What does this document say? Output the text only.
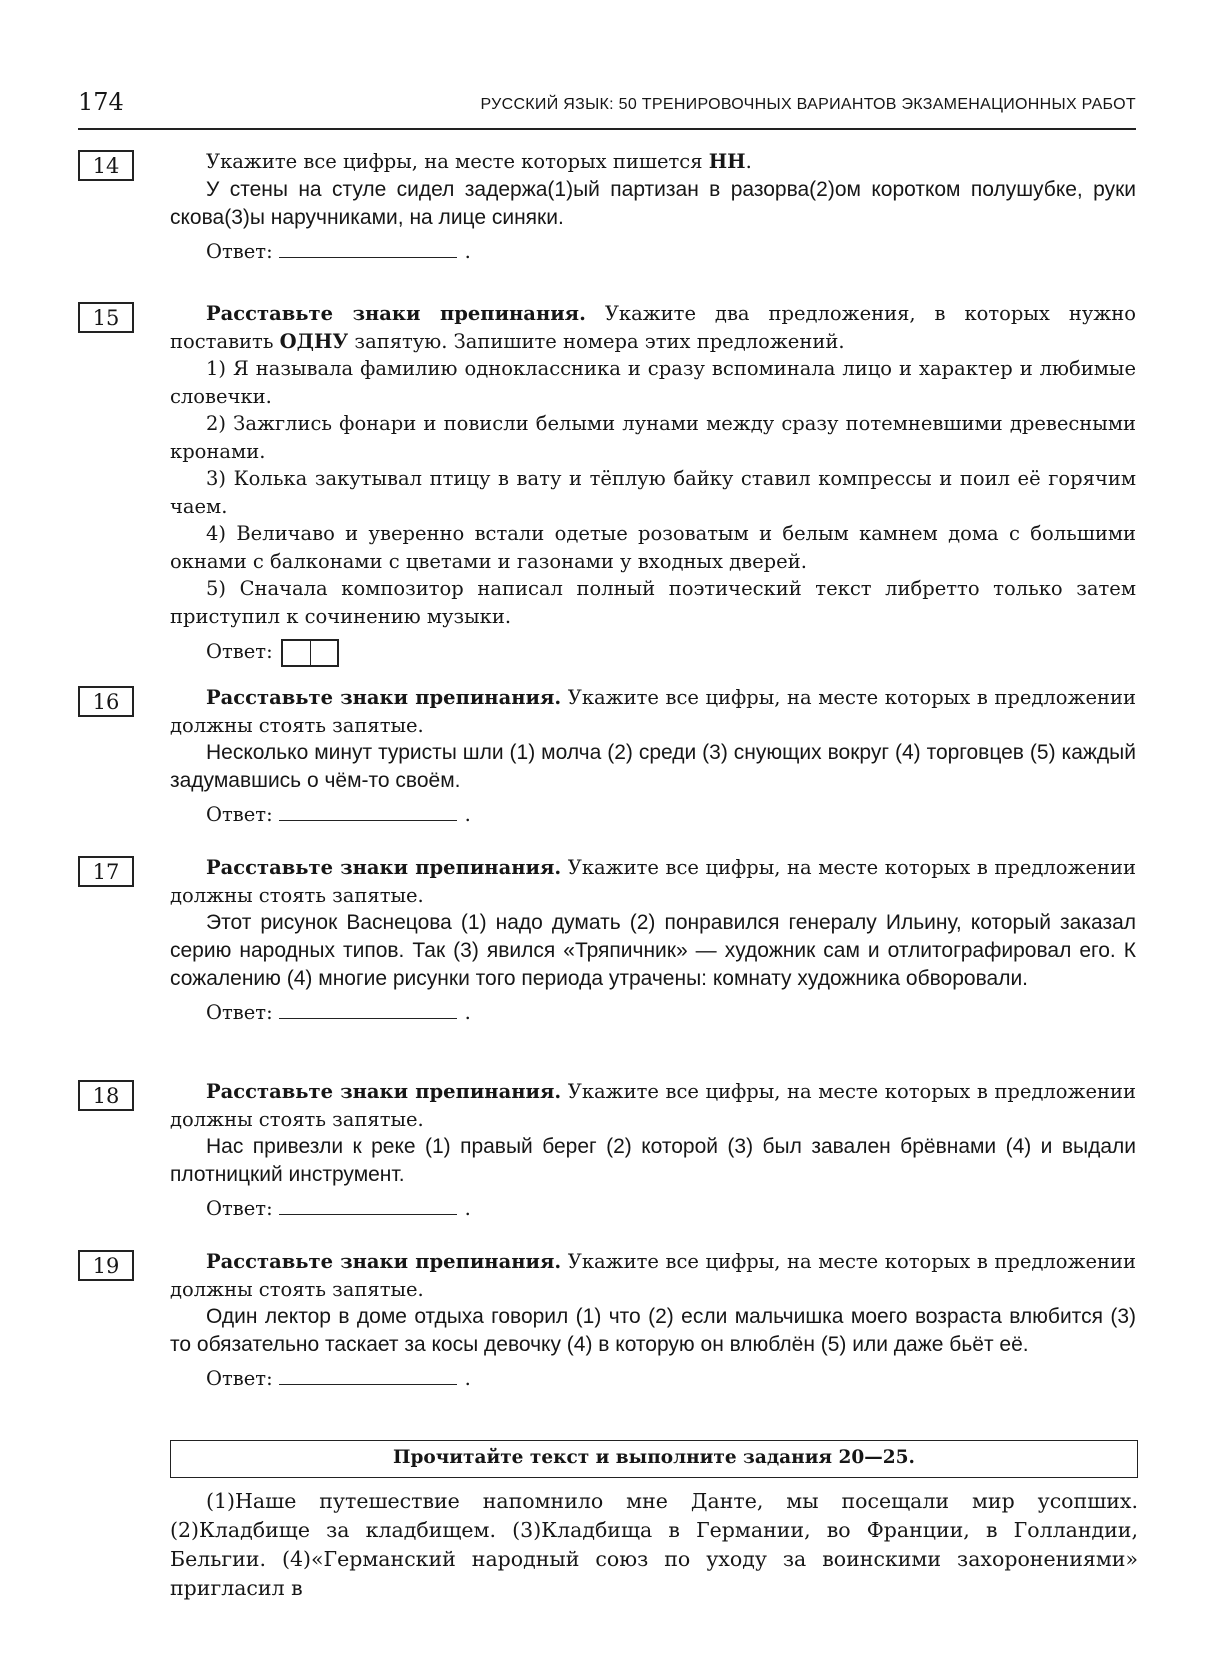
174	РУССКИЙ ЯЗЫК: 50 ТРЕНИРОВОЧНЫХ ВАРИАНТОВ ЭКЗАМЕНАЦИОННЫХ РАБОТ
14	Укажите все цифры, на месте которых пишется НН.

У стены на стуле сидел задержа(1)ый партизан в разорва(2)ом коротком полушубке, руки скова(3)ы наручниками, на лице синяки.

Ответ:	.
15	Расставьте знаки препинания. Укажите два предложения, в которых нужно поставить ОДНУ запятую. Запишите номера этих предложений.

1) Я называла фамилию одноклассника и сразу вспоминала лицо и характер и любимые словечки.

2) Зажглись фонари и повисли белыми лунами между сразу потемневшими древесными кронами.

3) Колька закутывал птицу в вату и тёплую байку ставил компрессы и поил её горячим чаем.

4) Величаво и уверенно встали одетые розоватым и белым камнем дома с большими окнами с балконами с цветами и газонами у входных дверей.

5) Сначала композитор написал полный поэтический текст либретто только затем приступил к сочинению музыки.

Ответ:
16	Расставьте знаки препинания. Укажите все цифры, на месте которых в предложении должны стоять запятые.

Несколько минут туристы шли (1) молча (2) среди (3) снующих вокруг (4) торговцев (5) каждый задумавшись о чём-то своём.

Ответ:	.
17	Расставьте знаки препинания. Укажите все цифры, на месте которых в предложении должны стоять запятые.

Этот рисунок Васнецова (1) надо думать (2) понравился генералу Ильину, который заказал серию народных типов. Так (3) явился «Тряпичник» — художник сам и отлитографировал его. К сожалению (4) многие рисунки того периода утрачены: комнату художника обворовали.

Ответ:	.
18	Расставьте знаки препинания. Укажите все цифры, на месте которых в предложении должны стоять запятые.

Нас привезли к реке (1) правый берег (2) которой (3) был завален брёвнами (4) и выдали плотницкий инструмент.

Ответ:	.
19	Расставьте знаки препинания. Укажите все цифры, на месте которых в предложении должны стоять запятые.

Один лектор в доме отдыха говорил (1) что (2) если мальчишка моего возраста влюбится (3) то обязательно таскает за косы девочку (4) в которую он влюблён (5) или даже бьёт её.

Ответ:	.
Прочитайте текст и выполните задания 20—25.

(1)Наше путешествие напомнило мне Данте, мы посещали мир усопших. (2)Кладбище за кладбищем. (3)Кладбища в Германии, во Франции, в Голландии, Бельгии. (4)«Германский народный союз по уходу за воинскими захоронениями» пригласил в
